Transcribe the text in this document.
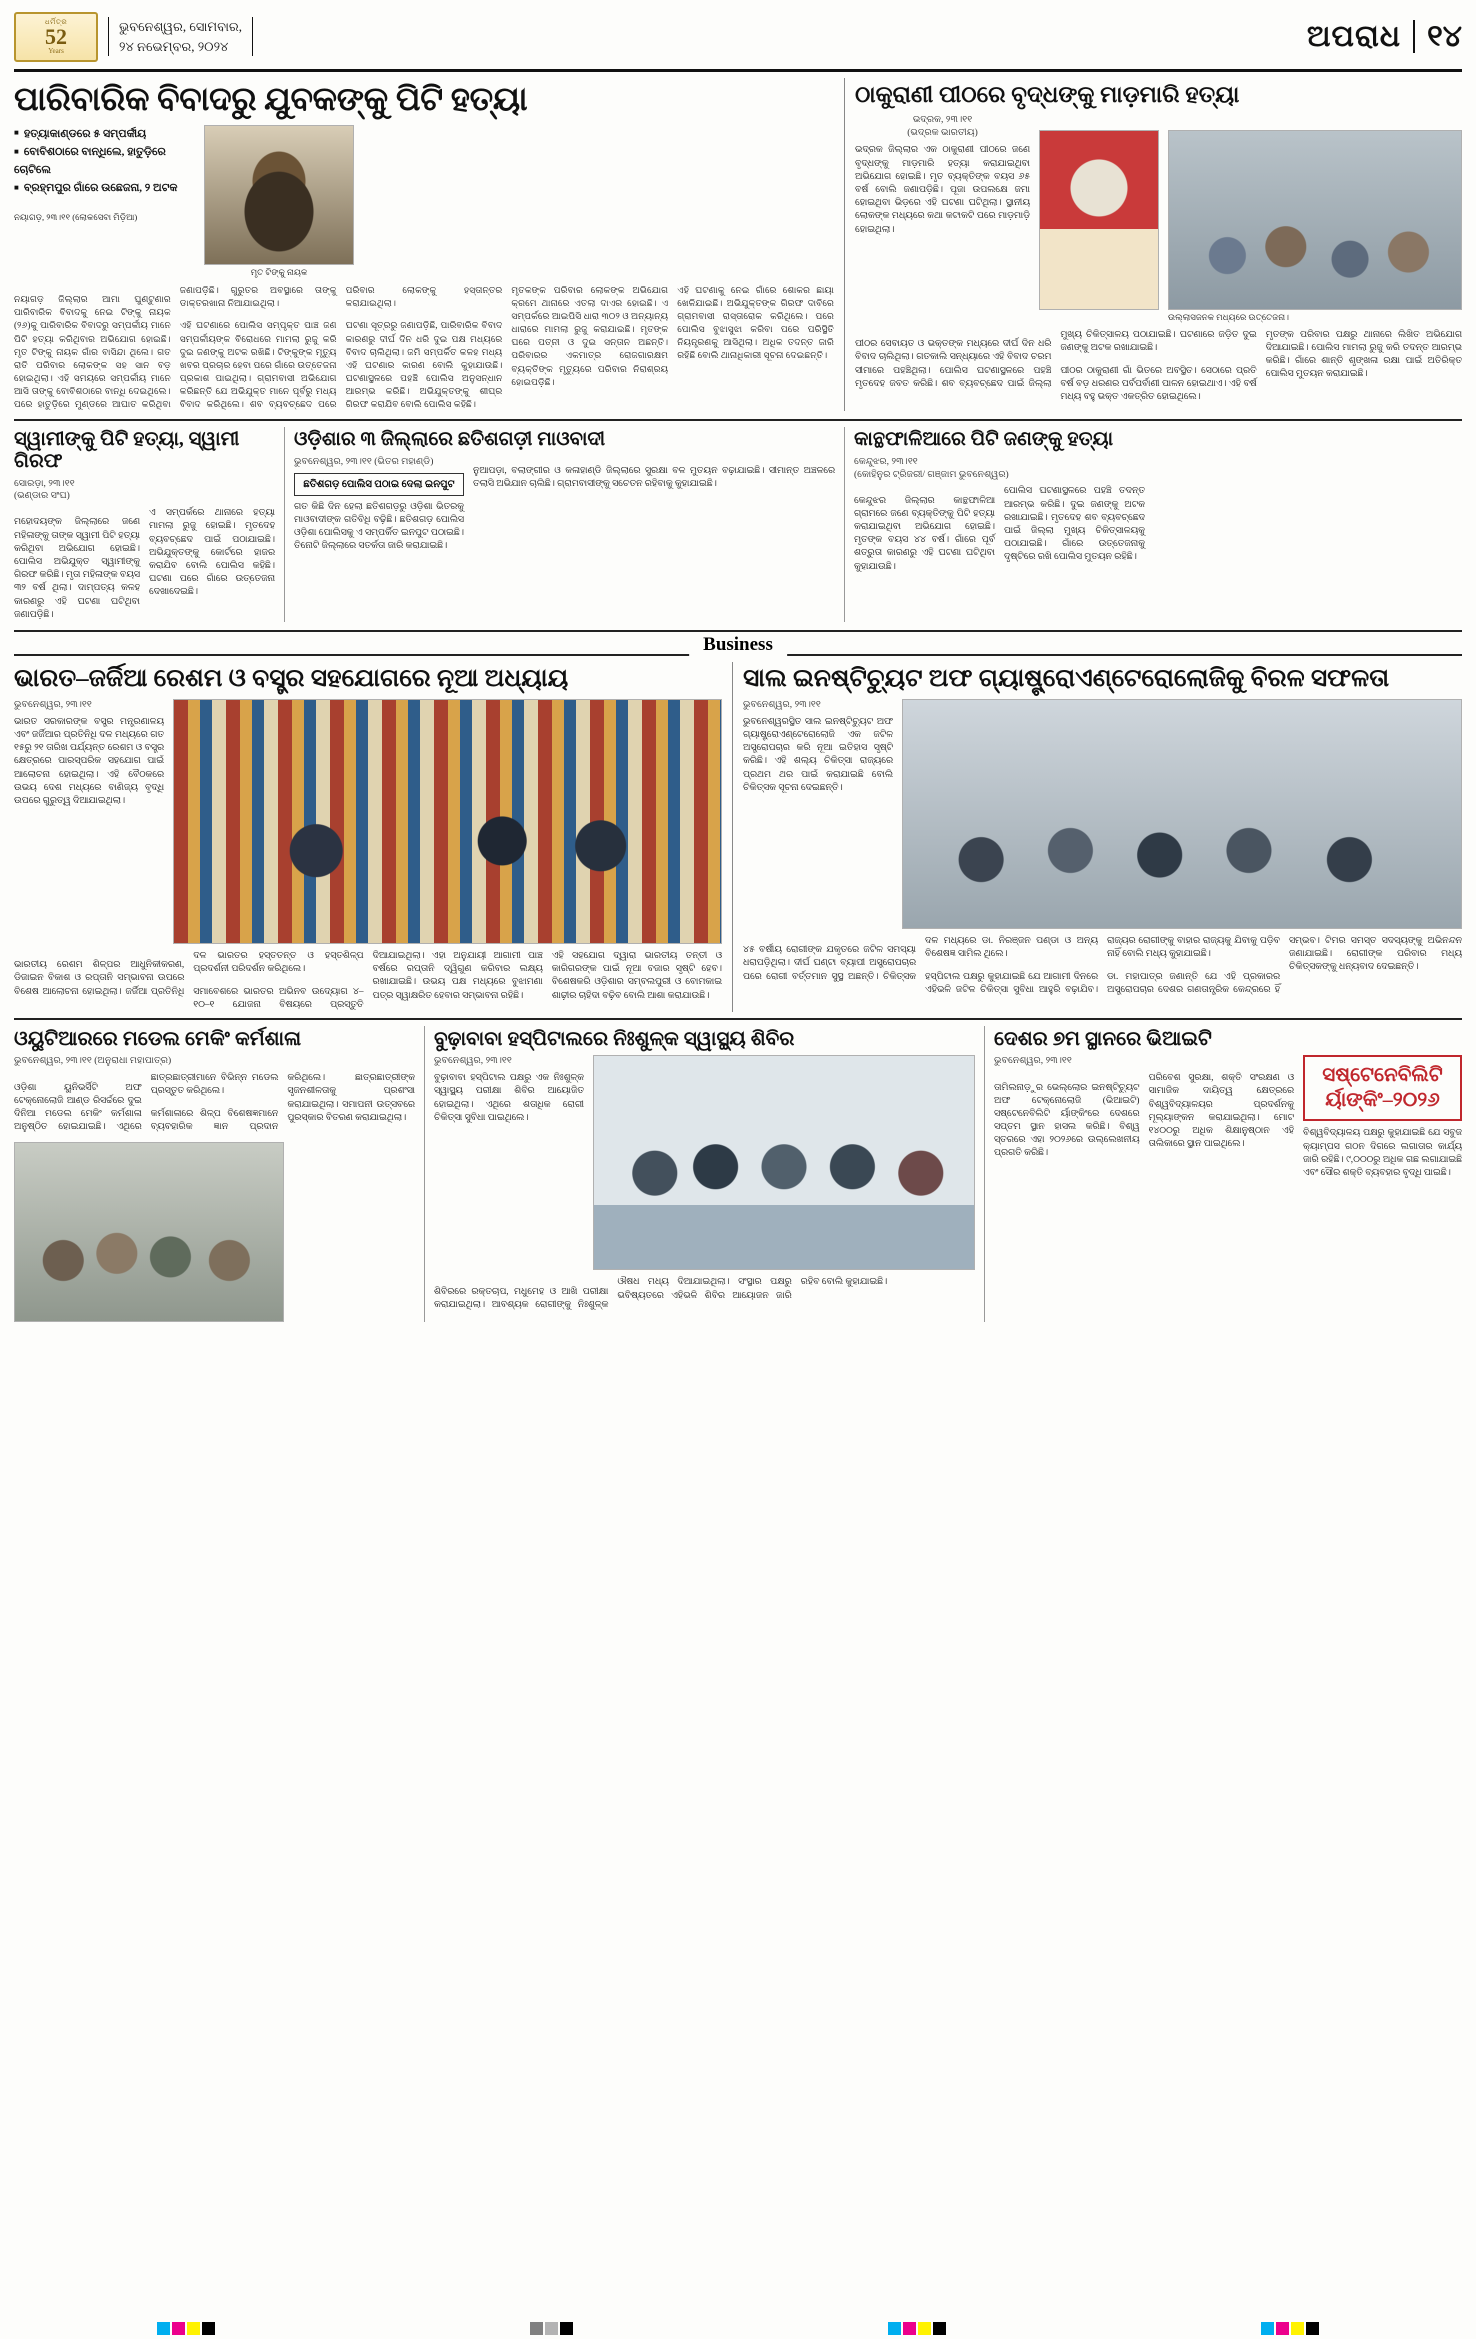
ଧର୍ମିତ୍ର
52
Years
ଭୁବନେଶ୍ୱର, ସୋମବାର,
୨୪ ନଭେମ୍ବର, ୨୦୨୪	ଅପରାଧ ୧୪
ପାରିବାରିକ ବିବାଦରୁ ଯୁବକଙ୍କୁ ପିଟି ହତ୍ୟା
■ ହତ୍ୟାକାଣ୍ଡରେ ୫ ସମ୍ପର୍କୀୟ
■ ବୋବିଶଠାରେ ବାନ୍ଧିଲେ, ହାତୁଡ଼ିରେ ଚୋଟିଲେ
■ ବ୍ରହ୍ମପୁର ଗାଁରେ ଉଛେଜନା, ୨ ଅଟକ
ନୟାଗଡ଼, ୨୩।୧୧ (ଲୋକସେବା ମିଡ଼ିଆ)
ମୃତ ଟିଙ୍କୁ ନାୟକ

ନୟାଗଡ଼ ଜିଲ୍ଲାର ଆମା ଘୁଣ୍ଟୁଣାର ପାରିବାରିକ ବିବାଦକୁ ନେଇ ଟିଙ୍କୁ ନାୟକ (୨୬)କୁ ପାରିବାରିକ ବିବାଦରୁ ସମ୍ପର୍କୀୟ ମାନେ ପିଟି ହତ୍ୟା କରିଥିବାର ଅଭିଯୋଗ ହୋଇଛି। ମୃତ ଟିଙ୍କୁ ନାୟକ ଗାଁର ବାସିନ୍ଦା ଥିଲେ। ଗତ ରାତି ପରିବାର ଲୋକଙ୍କ ସହ ସାନ ବଡ଼ ହୋଇଥିଲା। ଏହି ସମୟରେ ସମ୍ପର୍କୀୟ ମାନେ ଆସି ତାଙ୍କୁ ବୋବିଶଠାରେ ବାନ୍ଧି ଦେଇଥିଲେ। ପରେ ହାତୁଡ଼ିରେ ମୁଣ୍ଡରେ ଆଘାତ କରିଥିବା ଜଣାପଡ଼ିଛି। ଗୁରୁତର ଅବସ୍ଥାରେ ତାଙ୍କୁ ଡାକ୍ତରଖାନା ନିଆଯାଇଥିଲା।

ଏହି ଘଟଣାରେ ପୋଲିସ ସମ୍ପୃକ୍ତ ପାଞ୍ଚ ଜଣ ସମ୍ପର୍କୀୟଙ୍କ ବିରୋଧରେ ମାମଲା ରୁଜୁ କରି ଦୁଇ ଜଣଙ୍କୁ ଅଟକ ରଖିଛି। ଟିଙ୍କୁଙ୍କ ମୃତ୍ୟୁ ଖବର ପ୍ରଚାର ହେବା ପରେ ଗାଁରେ ଉତ୍ତେଜନା ପ୍ରକାଶ ପାଇଥିଲା। ଗ୍ରାମବାସୀ ଅଭିଯୋଗ କରିଛନ୍ତି ଯେ ଅଭିଯୁକ୍ତ ମାନେ ପୂର୍ବରୁ ମଧ୍ୟ ବିବାଦ କରିଥିଲେ। ଶବ ବ୍ୟବଚ୍ଛେଦ ପରେ ପରିବାର ଲୋକଙ୍କୁ ହସ୍ତାନ୍ତର କରାଯାଇଥିଲା।

ଘଟଣା ସୂତ୍ରରୁ ଜଣାପଡ଼ିଛି, ପାରିବାରିକ ବିବାଦ କାରଣରୁ ଦୀର୍ଘ ଦିନ ଧରି ଦୁଇ ପକ୍ଷ ମଧ୍ୟରେ ବିବାଦ ଚାଲିଥିଲା। ଜମି ସମ୍ପର୍କିତ କଳହ ମଧ୍ୟ ଏହି ଘଟଣାର କାରଣ ବୋଲି କୁହାଯାଉଛି। ଘଟଣାସ୍ଥଳରେ ପହଞ୍ଚି ପୋଲିସ ଅନୁସନ୍ଧାନ ଆରମ୍ଭ କରିଛି। ଅଭିଯୁକ୍ତଙ୍କୁ ଶୀଘ୍ର ଗିରଫ କରାଯିବ ବୋଲି ପୋଲିସ କହିଛି।

ମୃତକଙ୍କ ପରିବାର ଲୋକଙ୍କ ଅଭିଯୋଗ କ୍ରମେ ଥାନାରେ ଏତଲା ଦାଏର ହୋଇଛି। ଏ ସମ୍ପର୍କରେ ଆଇପିସି ଧାରା ୩୦୨ ଓ ଅନ୍ୟାନ୍ୟ ଧାରାରେ ମାମଲା ରୁଜୁ କରାଯାଇଛି। ମୃତଙ୍କ ଘରେ ପତ୍ନୀ ଓ ଦୁଇ ସନ୍ତାନ ଅଛନ୍ତି। ପରିବାରର ଏକମାତ୍ର ରୋଜଗାରକ୍ଷମ ବ୍ୟକ୍ତିଙ୍କ ମୃତ୍ୟୁରେ ପରିବାର ନିରାଶ୍ରୟ ହୋଇପଡ଼ିଛି।

ଏହି ଘଟଣାକୁ ନେଇ ଗାଁରେ ଶୋକର ଛାୟା ଖେଳିଯାଇଛି। ଅଭିଯୁକ୍ତଙ୍କ ଗିରଫ ଦାବିରେ ଗ୍ରାମବାସୀ ରାସ୍ତାରୋକ କରିଥିଲେ। ପରେ ପୋଲିସ ବୁଝାସୁଝା କରିବା ପରେ ପରିସ୍ଥିତି ନିୟନ୍ତ୍ରଣକୁ ଆସିଥିଲା। ଅଧିକ ତଦନ୍ତ ଜାରି ରହିଛି ବୋଲି ଥାନାଧିକାରୀ ସୂଚନା ଦେଇଛନ୍ତି।

ଠାକୁରାଣୀ ପୀଠରେ ବୃଦ୍ଧଙ୍କୁ ମାଡ଼ମାରି ହତ୍ୟା
ଭଦ୍ରକ, ୨୩।୧୧
(ଭଦ୍ରକ ଭାରତୀୟ)
ଭଦ୍ରକ ଜିଲ୍ଲାର ଏକ ଠାକୁରାଣୀ ପୀଠରେ ଜଣେ ବୃଦ୍ଧଙ୍କୁ ମାଡ଼ମାରି ହତ୍ୟା କରାଯାଇଥିବା ଅଭିଯୋଗ ହୋଇଛି। ମୃତ ବ୍ୟକ୍ତିଙ୍କ ବୟସ ୬୫ ବର୍ଷ ବୋଲି ଜଣାପଡ଼ିଛି। ପୂଜା ଉପଲକ୍ଷେ ଜମା ହୋଇଥିବା ଭିଡ଼ରେ ଏହି ଘଟଣା ଘଟିଥିଲା। ସ୍ଥାନୀୟ ଲୋକଙ୍କ ମଧ୍ୟରେ କଥା କଟାକଟି ପରେ ମାଡ଼ମାଡ଼ି ହୋଇଥିଲା।
ଉଲ୍ଲାସଜନକ ମଧ୍ୟରେ ଉତ୍ତେଜନା।

ପୀଠର ସେବାୟତ ଓ ଭକ୍ତଙ୍କ ମଧ୍ୟରେ ଦୀର୍ଘ ଦିନ ଧରି ବିବାଦ ଚାଲିଥିଲା। ଗତକାଲି ସନ୍ଧ୍ୟାରେ ଏହି ବିବାଦ ଚରମ ସୀମାରେ ପହଞ୍ଚିଥିଲା। ପୋଲିସ ଘଟଣାସ୍ଥଳରେ ପହଞ୍ଚି ମୃତଦେହ ଜବତ କରିଛି। ଶବ ବ୍ୟବଚ୍ଛେଦ ପାଇଁ ଜିଲ୍ଲା ମୁଖ୍ୟ ଚିକିତ୍ସାଳୟ ପଠାଯାଇଛି। ଘଟଣାରେ ଜଡ଼ିତ ଦୁଇ ଜଣଙ୍କୁ ଅଟକ ରଖାଯାଇଛି।

ପୀଠର ଠାକୁରାଣୀ ଗାଁ ଭିତରେ ଅବସ୍ଥିତ। ସେଠାରେ ପ୍ରତି ବର୍ଷ ବଡ଼ ଧରଣର ପର୍ବପର୍ବାଣୀ ପାଳନ ହୋଇଥାଏ। ଏହି ବର୍ଷ ମଧ୍ୟ ବହୁ ଭକ୍ତ ଏକତ୍ରିତ ହୋଇଥିଲେ।

ମୃତଙ୍କ ପରିବାର ପକ୍ଷରୁ ଥାନାରେ ଲିଖିତ ଅଭିଯୋଗ ଦିଆଯାଇଛି। ପୋଲିସ ମାମଲା ରୁଜୁ କରି ତଦନ୍ତ ଆରମ୍ଭ କରିଛି। ଗାଁରେ ଶାନ୍ତି ଶୃଙ୍ଖଳା ରକ୍ଷା ପାଇଁ ଅତିରିକ୍ତ ପୋଲିସ ମୁତୟନ କରାଯାଇଛି।

ସ୍ୱାମୀଙ୍କୁ ପିଟି ହତ୍ୟା, ସ୍ୱାମୀ ଗିରଫ
ସୋରଡ଼ା, ୨୩।୧୧
(ଭଣ୍ଡାର ସଂଘ)

ମହୋଦୟଙ୍କ ଜିଲ୍ଲାରେ ଜଣେ ମହିଳାଙ୍କୁ ତାଙ୍କ ସ୍ୱାମୀ ପିଟି ହତ୍ୟା କରିଥିବା ଅଭିଯୋଗ ହୋଇଛି। ପୋଲିସ ଅଭିଯୁକ୍ତ ସ୍ୱାମୀଙ୍କୁ ଗିରଫ କରିଛି। ମୃତା ମହିଳାଙ୍କ ବୟସ ୩୨ ବର୍ଷ ଥିଲା। ଦାମ୍ପତ୍ୟ କଳହ କାରଣରୁ ଏହି ଘଟଣା ଘଟିଥିବା ଜଣାପଡ଼ିଛି।

ଏ ସମ୍ପର୍କରେ ଥାନାରେ ହତ୍ୟା ମାମଲା ରୁଜୁ ହୋଇଛି। ମୃତଦେହ ବ୍ୟବଚ୍ଛେଦ ପାଇଁ ପଠାଯାଇଛି। ଅଭିଯୁକ୍ତଙ୍କୁ କୋର୍ଟରେ ହାଜର କରାଯିବ ବୋଲି ପୋଲିସ କହିଛି। ଘଟଣା ପରେ ଗାଁରେ ଉତ୍ତେଜନା ଦେଖାଦେଇଛି।

ଓଡ଼ିଶାର ୩ ଜିଲ୍ଲାରେ ଛତିଶଗଡ଼ୀ ମାଓବାଦୀ
ଭୁବନେଶ୍ୱର, ୨୩।୧୧ (ଭିତର ମହାଣ୍ଡି)
ଛତିଶଗଡ଼ ପୋଲିସ ପଠାଇ ଦେଲା ଇନପୁଟ
ଗତ କିଛି ଦିନ ହେଲା ଛତିଶଗଡ଼ରୁ ଓଡ଼ିଶା ଭିତରକୁ ମାଓବାଦୀଙ୍କ ଗତିବିଧି ବଢ଼ିଛି। ଛତିଶଗଡ଼ ପୋଲିସ ଓଡ଼ିଶା ପୋଲିସକୁ ଏ ସମ୍ପର୍କିତ ଇନପୁଟ ପଠାଇଛି। ତିନୋଟି ଜିଲ୍ଲାରେ ସତର୍କତା ଜାରି କରାଯାଇଛି।

ନୁଆପଡ଼ା, ବଲାଙ୍ଗୀର ଓ କଳାହାଣ୍ଡି ଜିଲ୍ଲାରେ ସୁରକ୍ଷା ବଳ ମୁତୟନ ବଢ଼ାଯାଇଛି। ସୀମାନ୍ତ ଅଞ୍ଚଳରେ ତଲାସି ଅଭିଯାନ ଚାଲିଛି। ଗ୍ରାମବାସୀଙ୍କୁ ସଚେତନ ରହିବାକୁ କୁହାଯାଇଛି।

କାନ୍ଥଫାଳିଆରେ ପିଟି ଜଣଙ୍କୁ ହତ୍ୟା
କେନ୍ଦୁଝର, ୨୩।୧୧
(କୋହିନୁର ଟ୍ରିଜରୀ/ ଗଞ୍ଜାମ ଭୁବନେଶ୍ୱର)

କେନ୍ଦୁଝର ଜିଲ୍ଲାର କାନ୍ଥଫାଳିଆ ଗ୍ରାମରେ ଜଣେ ବ୍ୟକ୍ତିଙ୍କୁ ପିଟି ହତ୍ୟା କରାଯାଇଥିବା ଅଭିଯୋଗ ହୋଇଛି। ମୃତଙ୍କ ବୟସ ୪୪ ବର୍ଷ। ଗାଁରେ ପୂର୍ବ ଶତ୍ରୁତା କାରଣରୁ ଏହି ଘଟଣା ଘଟିଥିବା କୁହାଯାଉଛି।

ପୋଲିସ ଘଟଣାସ୍ଥଳରେ ପହଞ୍ଚି ତଦନ୍ତ ଆରମ୍ଭ କରିଛି। ଦୁଇ ଜଣଙ୍କୁ ଅଟକ ରଖାଯାଇଛି। ମୃତଦେହ ଶବ ବ୍ୟବଚ୍ଛେଦ ପାଇଁ ଜିଲ୍ଲା ମୁଖ୍ୟ ଚିକିତ୍ସାଳୟକୁ ପଠାଯାଇଛି। ଗାଁରେ ଉତ୍ତେଜନାକୁ ଦୃଷ୍ଟିରେ ରଖି ପୋଲିସ ମୁତୟନ ରହିଛି।

Business
ଭାରତ–ଜର୍ଜିଆ ରେଶମ ଓ ବସ୍ତ୍ର ସହଯୋଗରେ ନୂଆ ଅଧ୍ୟାୟ
ଭୁବନେଶ୍ୱର, ୨୩।୧୧
ଭାରତ ସରକାରଙ୍କ ବସ୍ତ୍ର ମନ୍ତ୍ରଣାଳୟ ଏବଂ ଜର୍ଜିଆର ପ୍ରତିନିଧି ଦଳ ମଧ୍ୟରେ ଗତ ୧୫ରୁ ୨୧ ତାରିଖ ପର୍ଯ୍ୟନ୍ତ ରେଶମ ଓ ବସ୍ତ୍ର କ୍ଷେତ୍ରରେ ପାରସ୍ପରିକ ସହଯୋଗ ପାଇଁ ଆଲୋଚନା ହୋଇଥିଲା। ଏହି ବୈଠକରେ ଉଭୟ ଦେଶ ମଧ୍ୟରେ ବାଣିଜ୍ୟ ବୃଦ୍ଧି ଉପରେ ଗୁରୁତ୍ୱ ଦିଆଯାଇଥିଲା।

ଭାରତୀୟ ରେଶମ ଶିଳ୍ପର ଆଧୁନିକୀକରଣ, ଡିଜାଇନ ବିକାଶ ଓ ରପ୍ତାନି ସମ୍ଭାବନା ଉପରେ ବିଶେଷ ଆଲୋଚନା ହୋଇଥିଲା। ଜର୍ଜିଆ ପ୍ରତିନିଧି ଦଳ ଭାରତର ହସ୍ତତନ୍ତ ଓ ହସ୍ତଶିଳ୍ପ ପ୍ରଦର୍ଶନୀ ପରିଦର୍ଶନ କରିଥିଲେ।

ସମାବେଶରେ ଭାରତର ଅଭିନବ ଉଦ୍ୟୋଗ ୪–୧୦–୧ ଯୋଜନା ବିଷୟରେ ପ୍ରସ୍ତୁତି ଦିଆଯାଇଥିଲା। ଏହା ଅନୁଯାୟୀ ଆଗାମୀ ପାଞ୍ଚ ବର୍ଷରେ ରପ୍ତାନି ଦ୍ୱିଗୁଣ କରିବାର ଲକ୍ଷ୍ୟ ରଖାଯାଇଛି। ଉଭୟ ପକ୍ଷ ମଧ୍ୟରେ ବୁଝାମଣା ପତ୍ର ସ୍ୱାକ୍ଷରିତ ହେବାର ସମ୍ଭାବନା ରହିଛି।

ଏହି ସହଯୋଗ ଦ୍ୱାରା ଭାରତୀୟ ତନ୍ତୀ ଓ କାରିଗରଙ୍କ ପାଇଁ ନୂଆ ବଜାର ସୃଷ୍ଟି ହେବ। ବିଶେଷକରି ଓଡ଼ିଶାର ସମ୍ବଲପୁରୀ ଓ ବୋମକାଇ ଶାଢ଼ୀର ଚାହିଦା ବଢ଼ିବ ବୋଲି ଆଶା କରାଯାଉଛି।

ସାଲ ଇନଷ୍ଟିଚ୍ୟୁଟ ଅଫ ଗ୍ୟାଷ୍ଟ୍ରୋଏଣ୍ଟେରୋଲୋଜିକୁ ବିରଳ ସଫଳତା
ଭୁବନେଶ୍ୱର, ୨୩।୧୧
ଭୁବନେଶ୍ୱରସ୍ଥିତ ସାଲ ଇନଷ୍ଟିଚ୍ୟୁଟ ଅଫ ଗ୍ୟାଷ୍ଟ୍ରୋଏଣ୍ଟେରୋଲୋଜି ଏକ ଜଟିଳ ଅସ୍ତ୍ରୋପଚାର କରି ନୂଆ ଇତିହାସ ସୃଷ୍ଟି କରିଛି। ଏହି ଶଲ୍ୟ ଚିକିତ୍ସା ରାଜ୍ୟରେ ପ୍ରଥମ ଥର ପାଇଁ କରାଯାଇଛି ବୋଲି ଚିକିତ୍ସକ ସୂଚନା ଦେଇଛନ୍ତି।

୪୫ ବର୍ଷୀୟ ରୋଗୀଙ୍କ ଯକୃତରେ ଜଟିଳ ସମସ୍ୟା ଧରାପଡ଼ିଥିଲା। ଦୀର୍ଘ ଘଣ୍ଟା ବ୍ୟାପୀ ଅସ୍ତ୍ରୋପଚାର ପରେ ରୋଗୀ ବର୍ତ୍ତମାନ ସୁସ୍ଥ ଅଛନ୍ତି। ଚିକିତ୍ସକ ଦଳ ମଧ୍ୟରେ ଡା. ନିରଞ୍ଜନ ପଣ୍ଡା ଓ ଅନ୍ୟ ବିଶେଷଜ୍ଞ ସାମିଲ ଥିଲେ।

ହସ୍ପିଟାଲ ପକ୍ଷରୁ କୁହାଯାଇଛି ଯେ ଆଗାମୀ ଦିନରେ ଏହିଭଳି ଜଟିଳ ଚିକିତ୍ସା ସୁବିଧା ଆହୁରି ବଢ଼ାଯିବ। ରାଜ୍ୟର ରୋଗୀଙ୍କୁ ବାହାର ରାଜ୍ୟକୁ ଯିବାକୁ ପଡ଼ିବ ନାହିଁ ବୋଲି ମଧ୍ୟ କୁହାଯାଇଛି।

ଡା. ମହାପାତ୍ର ଜଣାନ୍ତି ଯେ ଏହି ପ୍ରକାରର ଅସ୍ତ୍ରୋପଚାର ଦେଶର ଗଣତାନ୍ତ୍ରିକ କେନ୍ଦ୍ରରେ ହିଁ ସମ୍ଭବ। ଟିମର ସମସ୍ତ ସଦସ୍ୟଙ୍କୁ ଅଭିନନ୍ଦନ ଜଣାଯାଇଛି। ରୋଗୀଙ୍କ ପରିବାର ମଧ୍ୟ ଚିକିତ୍ସକଙ୍କୁ ଧନ୍ୟବାଦ ଦେଇଛନ୍ତି।

ଓୟୁଟିଆରରେ ମଡେଲ ମେକିଂ କର୍ମଶାଳା
ଭୁବନେଶ୍ୱର, ୨୩।୧୧ (ଅନୁରାଧା ମହାପାତ୍ର)

ଓଡ଼ିଶା ୟୁନିଭର୍ସିଟି ଅଫ ଟେକ୍ନୋଲୋଜି ଆଣ୍ଡ ରିସର୍ଚ୍ଚରେ ଦୁଇ ଦିନିଆ ମଡେଲ ମେକିଂ କର୍ମଶାଳା ଅନୁଷ୍ଠିତ ହୋଇଯାଇଛି। ଏଥିରେ ଛାତ୍ରଛାତ୍ରୀମାନେ ବିଭିନ୍ନ ମଡେଲ ପ୍ରସ୍ତୁତ କରିଥିଲେ।

କର୍ମଶାଳାରେ ଶିଳ୍ପ ବିଶେଷଜ୍ଞମାନେ ବ୍ୟବହାରିକ ଜ୍ଞାନ ପ୍ରଦାନ କରିଥିଲେ। ଛାତ୍ରଛାତ୍ରୀଙ୍କ ସୃଜନଶୀଳତାକୁ ପ୍ରଶଂସା କରାଯାଇଥିଲା। ସମାପନୀ ଉତ୍ସବରେ ପୁରସ୍କାର ବିତରଣ କରାଯାଇଥିଲା।

ବୁଢ଼ାବାବା ହସ୍ପିଟାଲରେ ନିଃଶୁଳ୍କ ସ୍ୱାସ୍ଥ୍ୟ ଶିବିର
ଭୁବନେଶ୍ୱର, ୨୩।୧୧
ବୁଢ଼ାବାବା ହସ୍ପିଟାଲ ପକ୍ଷରୁ ଏକ ନିଃଶୁଳ୍କ ସ୍ୱାସ୍ଥ୍ୟ ପରୀକ୍ଷା ଶିବିର ଆୟୋଜିତ ହୋଇଥିଲା। ଏଥିରେ ଶତାଧିକ ରୋଗୀ ଚିକିତ୍ସା ସୁବିଧା ପାଇଥିଲେ।

ଶିବିରରେ ରକ୍ତଚାପ, ମଧୁମେହ ଓ ଆଖି ପରୀକ୍ଷା କରାଯାଇଥିଲା। ଆବଶ୍ୟକ ରୋଗୀଙ୍କୁ ନିଃଶୁଳ୍କ ଔଷଧ ମଧ୍ୟ ଦିଆଯାଇଥିଲା। ସଂସ୍ଥାର ପକ୍ଷରୁ ଭବିଷ୍ୟତରେ ଏହିଭଳି ଶିବିର ଆୟୋଜନ ଜାରି ରହିବ ବୋଲି କୁହାଯାଇଛି।

ଦେଶର ୭ମ ସ୍ଥାନରେ ଭିଆଇଟି
ଭୁବନେଶ୍ୱର, ୨୩।୧୧

ତାମିଲନାଡ଼ୁର ଭେଲ୍ଲୋର ଇନଷ୍ଟିଚ୍ୟୁଟ ଅଫ ଟେକ୍ନୋଲୋଜି (ଭିଆଇଟି) ସଷ୍ଟେନେବିଲିଟି ର୍ୟାଙ୍କିଂରେ ଦେଶରେ ସପ୍ତମ ସ୍ଥାନ ହାସଲ କରିଛି। ବିଶ୍ୱ ସ୍ତରରେ ଏହା ୨୦୨୬ରେ ଉଲ୍ଲେଖନୀୟ ପ୍ରଗତି କରିଛି।

ପରିବେଶ ସୁରକ୍ଷା, ଶକ୍ତି ସଂରକ୍ଷଣ ଓ ସାମାଜିକ ଦାୟିତ୍ୱ କ୍ଷେତ୍ରରେ ବିଶ୍ୱବିଦ୍ୟାଳୟର ପ୍ରଦର୍ଶନକୁ ମୂଲ୍ୟାଙ୍କନ କରାଯାଇଥିଲା। ମୋଟ ୧୪୦୦ରୁ ଅଧିକ ଶିକ୍ଷାନୁଷ୍ଠାନ ଏହି ତାଲିକାରେ ସ୍ଥାନ ପାଇଥିଲେ।

ସଷ୍ଟେନେବିଲିଟି ର୍ୟାଙ୍କିଂ–୨୦୨୬
ବିଶ୍ୱବିଦ୍ୟାଳୟ ପକ୍ଷରୁ କୁହାଯାଇଛି ଯେ ସବୁଜ କ୍ୟାମ୍ପସ ଗଠନ ଦିଗରେ ଲଗାତାର କାର୍ଯ୍ୟ ଜାରି ରହିଛି। ୯,୦୦୦ରୁ ଅଧିକ ଗଛ ଲଗାଯାଇଛି ଏବଂ ସୌର ଶକ୍ତି ବ୍ୟବହାର ବୃଦ୍ଧି ପାଇଛି।
